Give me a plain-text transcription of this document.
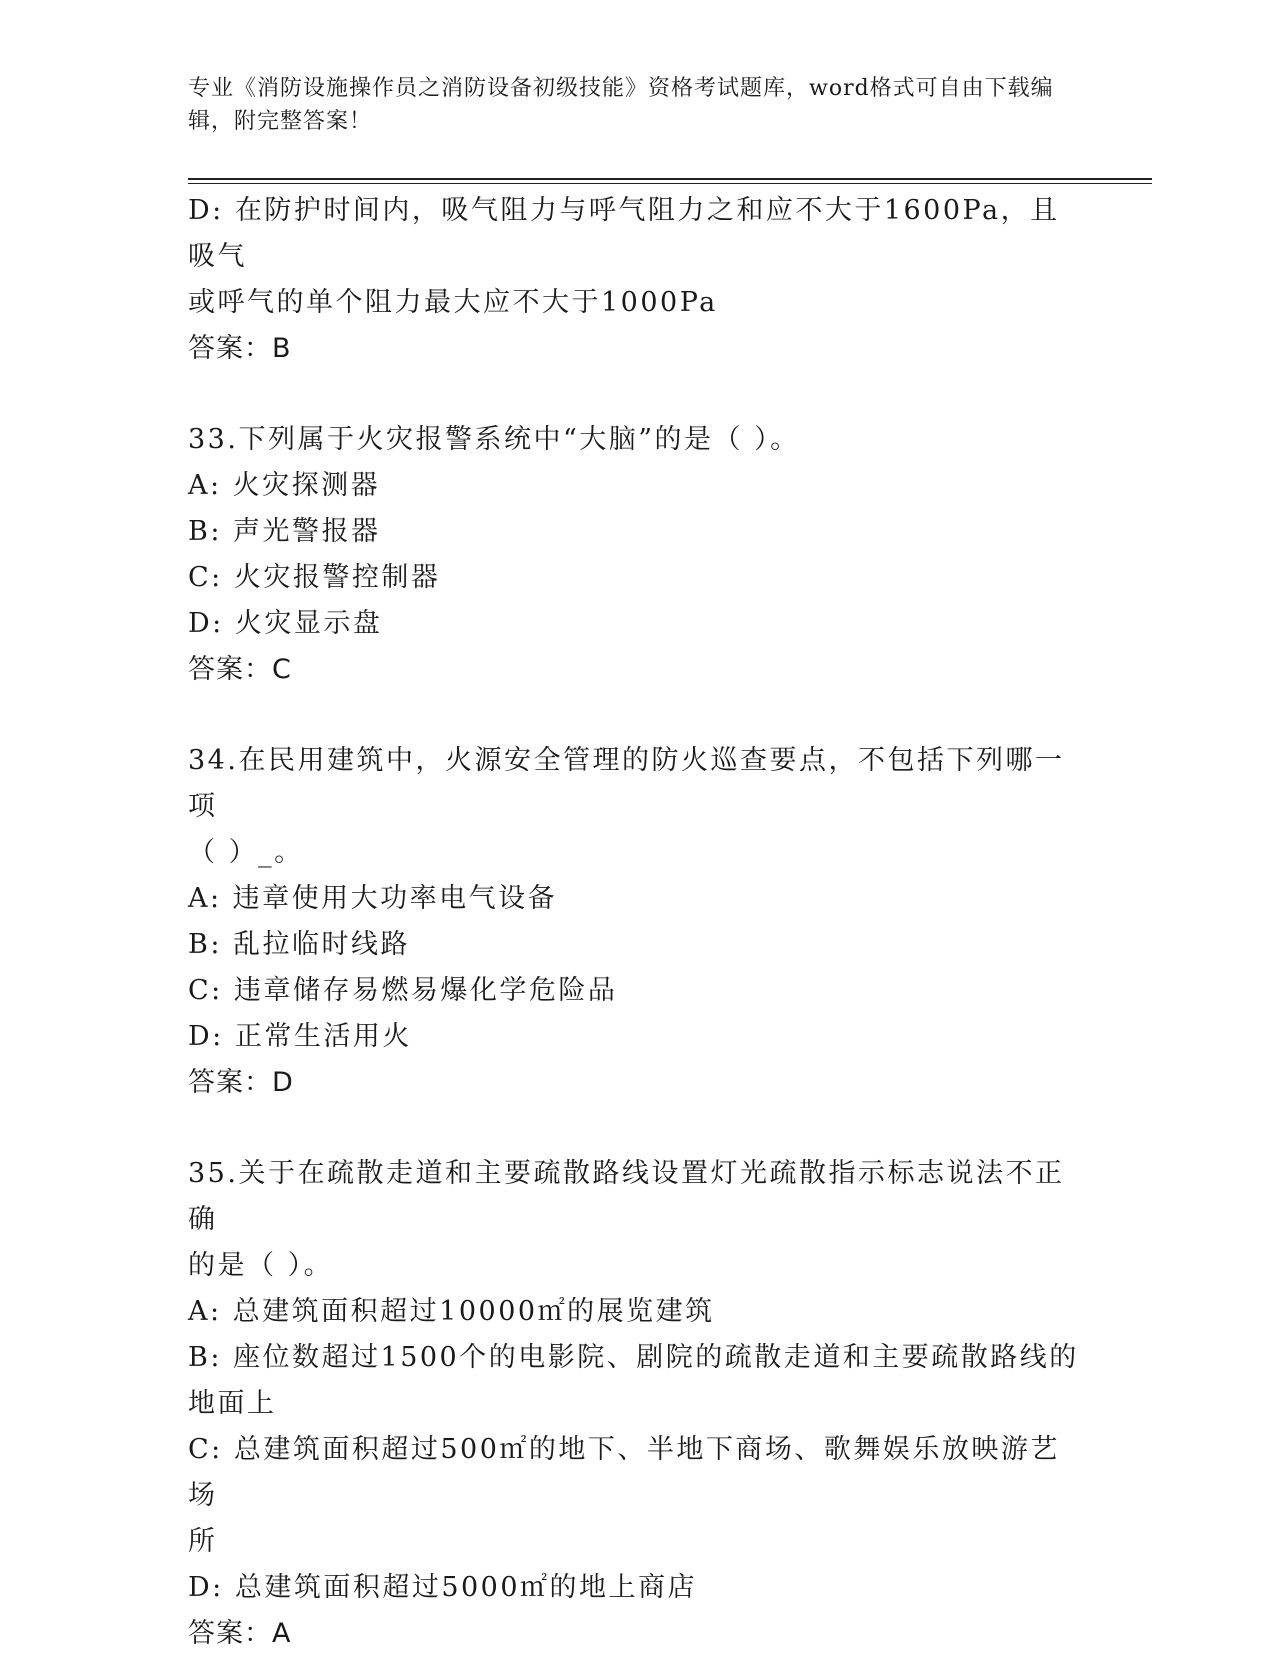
专业《消防设施操作员之消防设备初级技能》资格考试题库，word格式可自由下载编辑，附完整答案！
D: 在防护时间内，吸气阻力与呼气阻力之和应不大于1600Pa，且吸气
或呼气的单个阻力最大应不大于1000Pa
答案：B
33.下列属于火灾报警系统中“大脑”的是（ ）。
A: 火灾探测器
B: 声光警报器
C: 火灾报警控制器
D: 火灾显示盘
答案：C
34.在民用建筑中，火源安全管理的防火巡查要点，不包括下列哪一项
（ ）_。
A: 违章使用大功率电气设备
B: 乱拉临时线路
C: 违章储存易燃易爆化学危险品
D: 正常生活用火
答案：D
35.关于在疏散走道和主要疏散路线设置灯光疏散指示标志说法不正确
的是（ ）。
A: 总建筑面积超过10000㎡的展览建筑
B: 座位数超过1500个的电影院、剧院的疏散走道和主要疏散路线的
地面上
C: 总建筑面积超过500㎡的地下、半地下商场、歌舞娱乐放映游艺场
所
D: 总建筑面积超过5000㎡的地上商店
答案：A
